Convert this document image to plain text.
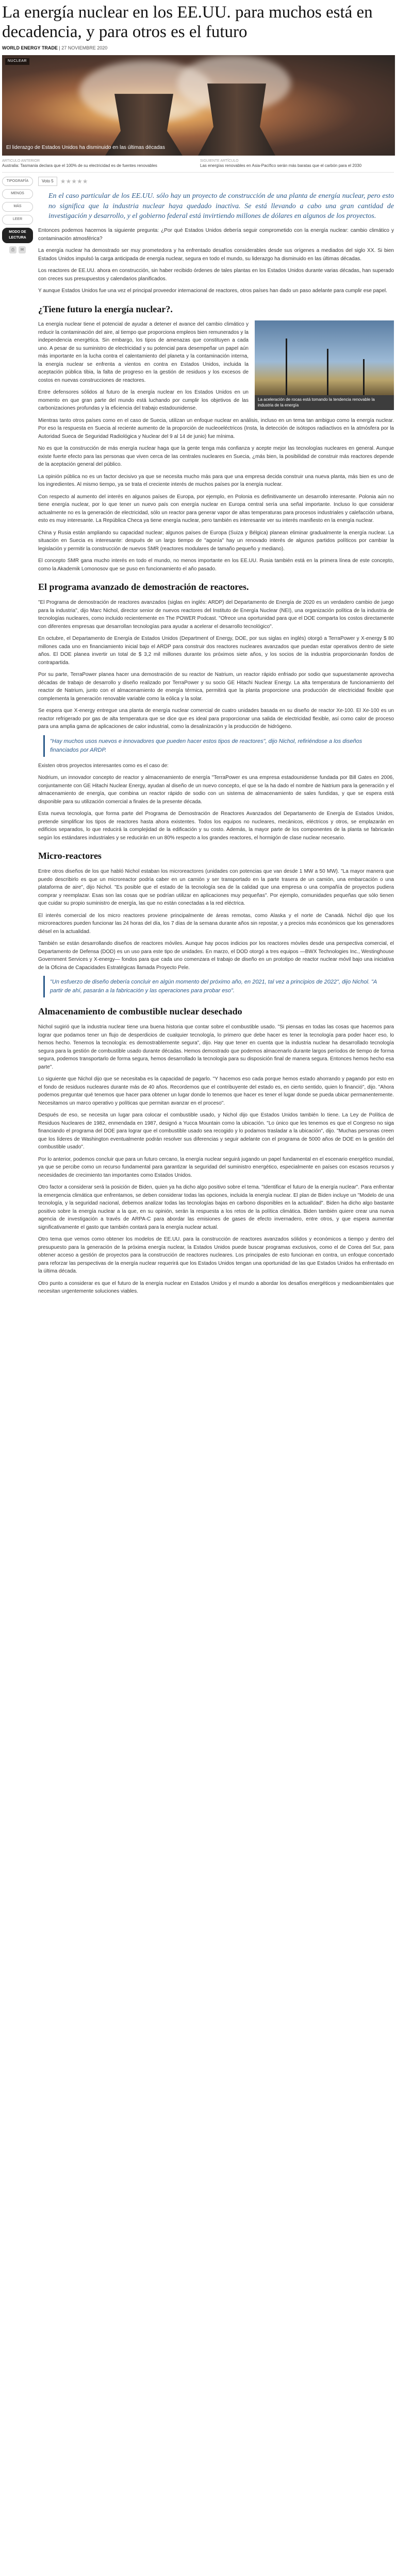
La energía nuclear en los EE.UU. para muchos está en decadencia, y para otros es el futuro
WORLD ENERGY TRADE | 27 NOVIEMBRE 2020
NUCLEAR
El liderazgo de Estados Unidos ha disminuido en las últimas décadas
ARTICULO ANTERIOR
Australia: Tasmania declara que el 100% de su electricidad es de fuentes renovables
SIGUIENTE ARTÍCULO
Las energías renovables en Asia-Pacífico serán más baratas que el carbón para el 2030
TIPOGRAFÍA
MENOS
MÁS
LEER
MODO DE LECTURA
⎙	✉
Voto 5	★★★★★

En el caso particular de los EE.UU. sólo hay un proyecto de construcción de una planta de energía nuclear, pero esto no significa que la industria nuclear haya quedado inactiva. Se está llevando a cabo una gran cantidad de investigación y desarrollo, y el gobierno federal está invirtiendo millones de dólares en algunos de los proyectos.

Entonces podemos hacernos la siguiente pregunta: ¿Por qué Estados Unidos debería seguir comprometido con la energía nuclear: cambio climático y contaminación atmosférica?

La energía nuclear ha demostrado ser muy prometedora y ha enfrentado desafíos considerables desde sus orígenes a mediados del siglo XX. Si bien Estados Unidos impulsó la carga anticipada de energía nuclear, segura en todo el mundo, su liderazgo ha disminuido en las últimas décadas.

Los reactores de EE.UU. ahora en construcción, sin haber recibido órdenes de tales plantas en los Estados Unidos durante varias décadas, han superado con creces sus presupuestos y calendarios planificados.

Y aunque Estados Unidos fue una vez el principal proveedor internacional de reactores, otros países han dado un paso adelante para cumplir ese papel.

¿Tiene futuro la energía nuclear?.
La aceleración de rocas está tomando la tendencia renovable la industria de la energía

La energía nuclear tiene el potencial de ayudar a detener el avance del cambio climático y reducir la contaminación del aire, al tiempo que proporciona empleos bien remunerados y la independencia energética. Sin embargo, los tipos de amenazas que constituyen a cada uno. A pesar de su suministro de electricidad y su potencial para desempeñar un papel aún más importante en la lucha contra el calentamiento del planeta y la contaminación interna, la energía nuclear se enfrenta a vientos en contra en Estados Unidos, incluida la aceptación pública tibia, la falta de progreso en la gestión de residuos y los excesos de costos en nuevas construcciones de reactores.

Entre defensores sólidos al futuro de la energía nuclear en los Estados Unidos en un momento en que gran parte del mundo está luchando por cumplir los objetivos de las carbonizaciones profundas y la eficiencia del trabajo estadounidense.

Mientras tanto otros países como en el caso de Suecia, utilizan un enfoque nuclear en análisis, incluso en un tema tan ambiguo como la energía nuclear. Por eso la respuesta en Suecia al reciente aumento de la proporción de nucleoeléctricos (Insta, la detección de isótopos radiactivos en la atmósfera por la Autoridad Sueca de Seguridad Radiológica y Nuclear del 9 al 14 de junio) fue mínima.

No es que la construcción de más energía nuclear haga que la gente tenga más confianza y acepte mejor las tecnologías nucleares en general. Aunque existe fuerte efecto para las personas que viven cerca de las centrales nucleares en Suecia, ¿más bien, la posibilidad de construir más reactores depende de la aceptación general del público.

La opinión pública no es un factor decisivo ya que se necesita mucho más para que una empresa decida construir una nueva planta, más bien es uno de los ingredientes. Al mismo tiempo, ya se trata el creciente interés de muchos países por la energía nuclear.

Con respecto al aumento del interés en algunos países de Europa, por ejemplo, en Polonia es definitivamente un desarrollo interesante. Polonia aún no tiene energía nuclear, por lo que tener un nuevo país con energía nuclear en Europa central sería una señal importante. Incluso lo que considerar actualmente no es la generación de electricidad, sólo un reactor para generar vapor de altas temperaturas para procesos industriales y calefacción urbana, esto es muy interesante. La República Checa ya tiene energía nuclear, pero también es interesante ver su interés manifiesto en la energía nuclear.

China y Rusia están ampliando su capacidad nuclear; algunos países de Europa (Suiza y Bélgica) planean eliminar gradualmente la energía nuclear. La situación en Suecia es interesante: después de un largo tiempo de "agonía" hay un renovado interés de algunos partidos políticos por cambiar la legislación y permitir la construcción de nuevos SMR (reactores modulares de tamaño pequeño y mediano).

El concepto SMR gana mucho interés en todo el mundo, no menos importante en los EE.UU. Rusia también está en la primera línea de este concepto, como la Akademik Lomonosov que se puso en funcionamiento el año pasado.

El programa avanzado de demostración de reactores.

"El Programa de demostración de reactores avanzados (siglas en inglés: ARDP) del Departamento de Energía de 2020 es un verdadero cambio de juego para la industria", dijo Marc Nichol, director senior de nuevos reactores del Instituto de Energía Nuclear (NEI), una organización política de la industria de tecnologías nucleares, como incluido recientemente en The POWER Podcast. "Ofrece una oportunidad para que el DOE comparta los costos directamente con diferentes empresas que desarrollan tecnologías para ayudar a acelerar el desarrollo tecnológico".

En octubre, el Departamento de Energía de Estados Unidos (Department of Energy, DOE, por sus siglas en inglés) otorgó a TerraPower y X-energy $ 80 millones cada uno en financiamiento inicial bajo el ARDP para construir dos reactores nucleares avanzados que puedan estar operativos dentro de siete años. El DOE planea invertir un total de $ 3,2 mil millones durante los próximos siete años, y los socios de la industria proporcionarán fondos de contrapartida.

Por su parte, TerraPower planea hacer una demostración de su reactor de Natrium, un reactor rápido enfriado por sodio que supuestamente aprovecha décadas de trabajo de desarrollo y diseño realizado por TerraPower y su socio GE Hitachi Nuclear Energy. La alta temperatura de funcionamiento del reactor de Natrium, junto con el almacenamiento de energía térmica, permitirá que la planta proporcione una producción de electricidad flexible que complementa la generación renovable variable como la eólica y la solar.

Se espera que X-energy entregue una planta de energía nuclear comercial de cuatro unidades basada en su diseño de reactor Xe-100. El Xe-100 es un reactor refrigerado por gas de alta temperatura que se dice que es ideal para proporcionar una salida de electricidad flexible, así como calor de proceso para una amplia gama de aplicaciones de calor industrial, como la desalinización y la producción de hidrógeno.

"Hay muchos usos nuevos e innovadores que pueden hacer estos tipos de reactores", dijo Nichol, refiriéndose a los diseños financiados por ARDP.

Existen otros proyectos interesantes como es el caso de:

Nodrium, un innovador concepto de reactor y almacenamiento de energía "TerraPower es una empresa estadounidense fundada por Bill Gates en 2006, conjuntamente con GE Hitachi Nuclear Energy, ayudan al diseño de un nuevo concepto, el que se la ha dado el nombre de Natrium para la generación y el almacenamiento de energía, que combina un reactor rápido de sodio con un sistema de almacenamiento de sales fundidas, y que se espera está disponible para su utilización comercial a finales de la presente década.

Esta nueva tecnología, que forma parte del Programa de Demostración de Reactores Avanzados del Departamento de Energía de Estados Unidos, pretende simplificar los tipos de reactores hasta ahora existentes. Todos los equipos no nucleares, mecánicos, eléctricos y otros, se emplazarán en edificios separados, lo que reducirá la complejidad de la edificación y su costo. Además, la mayor parte de los componentes de la planta se fabricarán según los estándares industriales y se reducirán en un 80% respecto a los grandes reactores, el hormigón de clase nuclear necesario.

Micro-reactores

Entre otros diseños de los que habló Nichol estaban los microreactores (unidades con potencias que van desde 1 MW a 50 MW). "La mayor manera que puedo describirlo es que un microreactor podría caber en un camión y ser transportado en la parte trasera de un camión, una embarcación o una plataforma de aire", dijo Nichol. "Es posible que el estado de la tecnología sea de la calidad que una empresa o una compañía de proyectos pudiera comprar y reemplazar. Esas son las cosas que se podrían utilizar en aplicaciones muy pequeñas". Por ejemplo, comunidades pequeñas que sólo tienen que cuidar su propio suministro de energía, las que no están conectadas a la red eléctrica.

El interés comercial de los micro reactores proviene principalmente de áreas remotas, como Alaska y el norte de Canadá. Nichol dijo que los microreactores pueden funcionar las 24 horas del día, los 7 días de la semana durante años sin repostar, y a precios más económicos que los generadores diésel en la actualidad.

También se están desarrollando diseños de reactores móviles. Aunque hay pocos indicios por los reactores móviles desde una perspectiva comercial, el Departamento de Defensa (DOD) es un uso para este tipo de unidades. En marzo, el DOD otorgó a tres equipos —BWX Technologies Inc., Westinghouse Government Services y X-energy— fondos para que cada uno comenzara el trabajo de diseño en un prototipo de reactor nuclear móvil bajo una iniciativa de la Oficina de Capacidades Estratégicas llamada Proyecto Pele.

"Un esfuerzo de diseño debería concluir en algún momento del próximo año, en 2021, tal vez a principios de 2022", dijo Nichol. "A partir de ahí, pasarán a la fabricación y las operaciones para probar eso".
Almacenamiento de combustible nuclear desechado

Nichol sugirió que la industria nuclear tiene una buena historia que contar sobre el combustible usado. "Si piensas en todas las cosas que hacemos para lograr que podamos tener un flujo de desperdicios de cualquier tecnología, lo primero que debe hacer es tener la tecnología para poder hacer eso, lo hemos hecho. Tenemos la tecnología: es demostrablemente segura", dijo. Hay que tener en cuenta que la industria nuclear ha desarrollado tecnología segura para la gestión de combustible usado durante décadas. Hemos demostrado que podemos almacenarlo durante largos períodos de tiempo de forma segura, podemos transportarlo de forma segura, hemos desarrollado la tecnología para su disposición final de manera segura. Entonces hemos hecho esa parte".

Lo siguiente que Nichol dijo que se necesitaba es la capacidad de pagarlo. "Y hacemos eso cada porque hemos estado ahorrando y pagando por esto en el fondo de residuos nucleares durante más de 40 años. Recordemos que el contribuyente del estado es, en cierto sentido, quien lo financió", dijo. "Ahora podemos preguntar qué tenemos que hacer para obtener un lugar donde lo tenemos que hacer es tener el lugar donde se pueda ubicar permanentemente. Necesitamos un marco operativo y políticas que permitan avanzar en el proceso".

Después de eso, se necesita un lugar para colocar el combustible usado, y Nichol dijo que Estados Unidos también lo tiene. La Ley de Política de Residuos Nucleares de 1982, enmendada en 1987, designó a Yucca Mountain como la ubicación. "Lo único que les tenemos es que el Congreso no siga financiando el programa del DOE para lograr que el combustible usado sea recogido y lo podamos trasladar a la ubicación", dijo. "Muchas personas creen que los líderes de Washington eventualmente podrán resolver sus diferencias y seguir adelante con el programa de 5000 años de DOE en la gestión del combustible usado".

Por lo anterior, podemos concluir que para un futuro cercano, la energía nuclear seguirá jugando un papel fundamental en el escenario energético mundial, ya que se percibe como un recurso fundamental para garantizar la seguridad del suministro energético, especialmente en países con escasos recursos y necesidades de crecimiento tan importantes como Estados Unidos.

Otro factor a considerar será la posición de Biden, quien ya ha dicho algo positivo sobre el tema. "Identificar el futuro de la energía nuclear". Para enfrentar la emergencia climática que enfrentamos, se deben considerar todas las opciones, incluida la energía nuclear. El plan de Biden incluye un "Modelo de una tecnología, y la seguridad nacional, debemos analizar todas las tecnologías bajas en carbono disponibles en la actualidad". Biden ha dicho algo bastante positivo sobre la energía nuclear a la que, en su opinión, serán la respuesta a los retos de la política climática. Biden también quiere crear una nueva agencia de investigación a través de ARPA-C para abordar las emisiones de gases de efecto invernadero, entre otros, y que espera aumentar significativamente el gasto que también contará para la energía nuclear actual.

Otro tema que vemos como obtener los modelos de EE.UU. para la construcción de reactores avanzados sólidos y económicos a tiempo y dentro del presupuesto para la generación de la próxima energía nuclear, la Estados Unidos puede buscar programas exclusivos, como el de Corea del Sur, para obtener acceso a gestión de proyectos para la construcción de reactores nucleares. Los principales de esto funcionan en contra, un enfoque concertado para reforzar las perspectivas de la energía nuclear requerirá que los Estados Unidos tengan una oportunidad de las que Estados Unidos ha enfrentado en la última década.

Otro punto a considerar es que el futuro de la energía nuclear en Estados Unidos y el mundo a abordar los desafíos energéticos y medioambientales que necesitan urgentemente soluciones viables.
